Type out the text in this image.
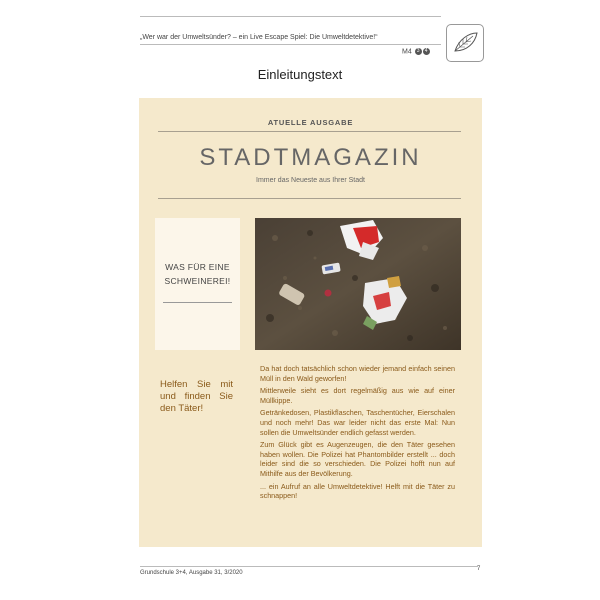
„Wer war der Umweltsünder? – ein Live Escape Spiel: Die Umweltdetektive!“
M4 3 4
Einleitungstext
ATUELLE AUSGABE
STADTMAGAZIN
Immer das Neueste aus Ihrer Stadt
WAS FÜR EINE SCHWEINEREI!
Helfen Sie mit und finden Sie den Täter!

Da hat doch tatsächlich schon wieder jemand einfach seinen Müll in den Wald geworfen!

Mittlerweile sieht es dort regelmäßig aus wie auf einer Müllkippe.

Getränkedosen, Plastikflaschen, Taschentücher, Eierschalen und noch mehr! Das war leider nicht das erste Mal: Nun sollen die Umweltsünder endlich gefasst werden.

Zum Glück gibt es Augenzeugen, die den Täter gesehen haben wollen. Die Polizei hat Phantombilder erstellt ... doch leider sind die so verschieden. Die Polizei hofft nun auf Mithilfe aus der Bevölkerung.

... ein Aufruf an alle Umweltdetektive! Helft mit die Täter zu schnappen!

Grundschule 3+4, Ausgabe 31, 3/2020
7
